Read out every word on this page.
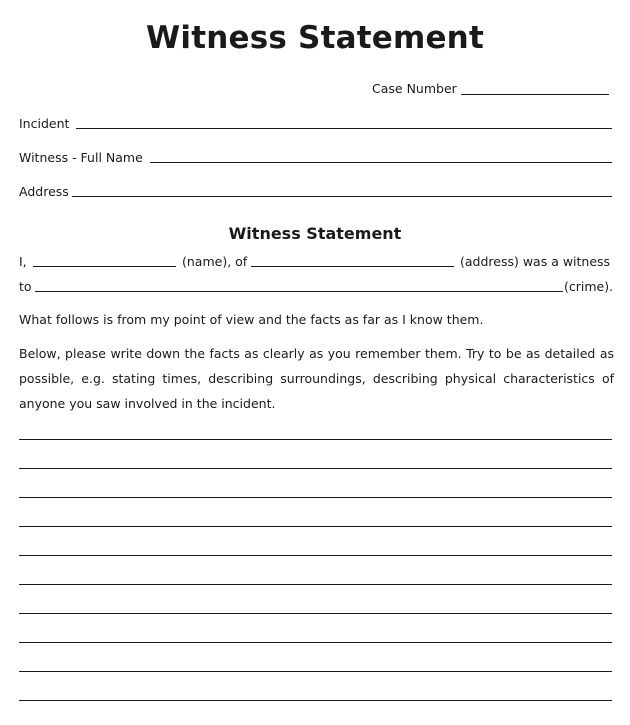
Witness Statement
Case Number
Incident
Witness - Full Name
Address
Witness Statement
I,	(name), of	(address) was a witness
to	(crime).
What follows is from my point of view and the facts as far as I know them.
Below, please write down the facts as clearly as you remember them. Try to be as detailed as possible, e.g. stating times, describing surroundings, describing physical characteristics of anyone you saw involved in the incident.
